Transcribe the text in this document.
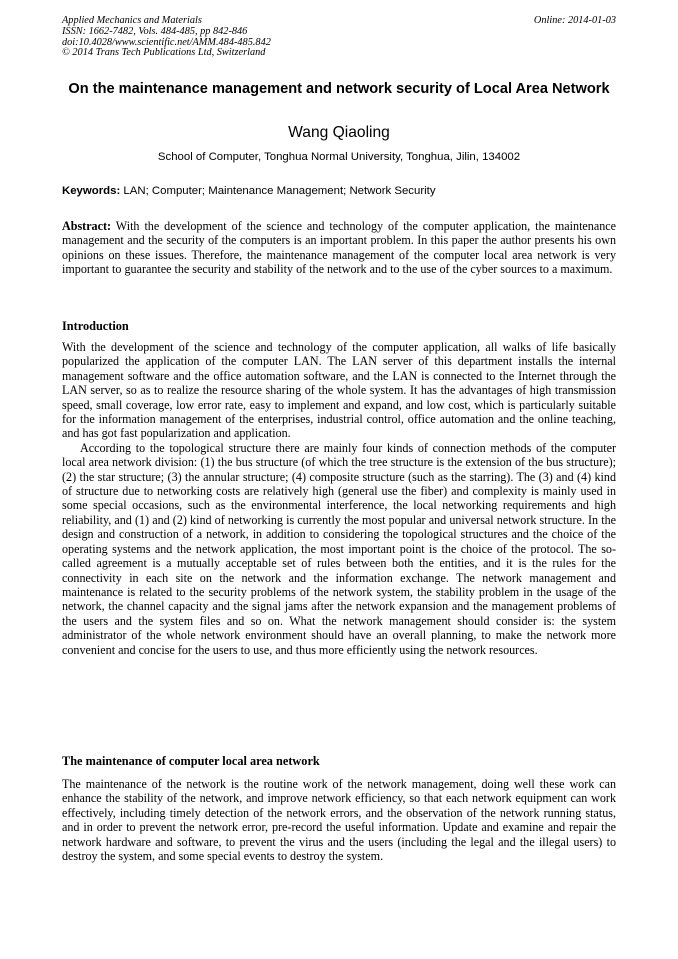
Applied Mechanics and Materials
ISSN: 1662-7482, Vols. 484-485, pp 842-846
doi:10.4028/www.scientific.net/AMM.484-485.842
© 2014 Trans Tech Publications Ltd, Switzerland
Online: 2014-01-03
On the maintenance management and network security of Local Area Network
Wang Qiaoling
School of Computer, Tonghua Normal University, Tonghua, Jilin, 134002
Keywords: LAN; Computer; Maintenance Management; Network Security

Abstract: With the development of the science and technology of the computer application, the maintenance management and the security of the computers is an important problem. In this paper the author presents his own opinions on these issues. Therefore, the maintenance management of the computer local area network is very important to guarantee the security and stability of the network and to the use of the cyber sources to a maximum.

Introduction

With the development of the science and technology of the computer application, all walks of life basically popularized the application of the computer LAN. The LAN server of this department installs the internal management software and the office automation software, and the LAN is connected to the Internet through the LAN server, so as to realize the resource sharing of the whole system. It has the advantages of high transmission speed, small coverage, low error rate, easy to implement and expand, and low cost, which is particularly suitable for the information management of the enterprises, industrial control, office automation and the online teaching, and has got fast popularization and application.

According to the topological structure there are mainly four kinds of connection methods of the computer local area network division: (1) the bus structure (of which the tree structure is the extension of the bus structure); (2) the star structure; (3) the annular structure; (4) composite structure (such as the starring). The (3) and (4) kind of structure due to networking costs are relatively high (general use the fiber) and complexity is mainly used in some special occasions, such as the environmental interference, the local networking requirements and high reliability, and (1) and (2) kind of networking is currently the most popular and universal network structure. In the design and construction of a network, in addition to considering the topological structures and the choice of the operating systems and the network application, the most important point is the choice of the protocol. The so-called agreement is a mutually acceptable set of rules between both the entities, and it is the rules for the connectivity in each site on the network and the information exchange. The network management and maintenance is related to the security problems of the network system, the stability problem in the usage of the network, the channel capacity and the signal jams after the network expansion and the management problems of the users and the system files and so on. What the network management should consider is: the system administrator of the whole network environment should have an overall planning, to make the network more convenient and concise for the users to use, and thus more efficiently using the network resources.

The maintenance of computer local area network

The maintenance of the network is the routine work of the network management, doing well these work can enhance the stability of the network, and improve network efficiency, so that each network equipment can work effectively, including timely detection of the network errors, and the observation of the network running status, and in order to prevent the network error, pre-record the useful information. Update and examine and repair the network hardware and software, to prevent the virus and the users (including the legal and the illegal users) to destroy the system, and some special events to destroy the system.
